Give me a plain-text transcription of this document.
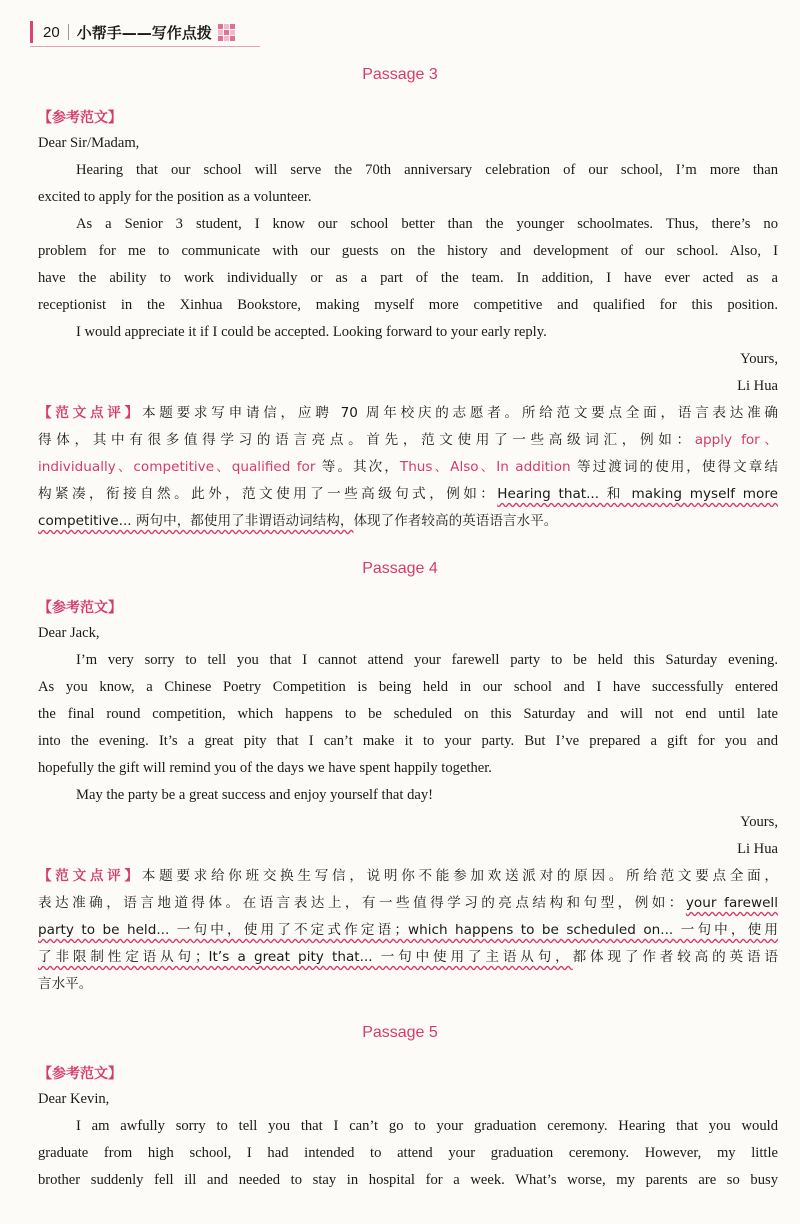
20 小帮手——写作点拨
Passage 3
【参考范文】
Dear Sir/Madam,
Hearing that our school will serve the 70th anniversary celebration of our school, I’m more than
excited to apply for the position as a volunteer.
As a Senior 3 student, I know our school better than the younger schoolmates. Thus, there’s no
problem for me to communicate with our guests on the history and development of our school. Also, I
have the ability to work individually or as a part of the team. In addition, I have ever acted as a
receptionist in the Xinhua Bookstore, making myself more competitive and qualified for this position.
I would appreciate it if I could be accepted. Looking forward to your early reply.
Yours,
Li Hua
【范文点评】本题要求写申请信，应聘 70 周年校庆的志愿者。所给范文要点全面，语言表达准确
得体，其中有很多值得学习的语言亮点。首先，范文使用了一些高级词汇，例如：apply for、
individually、competitive、qualified for 等。其次，Thus、Also、In addition 等过渡词的使用，使得文章结
构紧凑，衔接自然。此外，范文使用了一些高级句式，例如：Hearing that... 和 making myself more
competitive... 两句中，都使用了非谓语动词结构，体现了作者较高的英语语言水平。
Passage 4
【参考范文】
Dear Jack,
I’m very sorry to tell you that I cannot attend your farewell party to be held this Saturday evening.
As you know, a Chinese Poetry Competition is being held in our school and I have successfully entered
the final round competition, which happens to be scheduled on this Saturday and will not end until late
into the evening. It’s a great pity that I can’t make it to your party. But I’ve prepared a gift for you and
hopefully the gift will remind you of the days we have spent happily together.
May the party be a great success and enjoy yourself that day!
Yours,
Li Hua
【范文点评】本题要求给你班交换生写信，说明你不能参加欢送派对的原因。所给范文要点全面，
表达准确，语言地道得体。在语言表达上，有一些值得学习的亮点结构和句型，例如：your farewell
party to be held... 一句中，使用了不定式作定语；which happens to be scheduled on... 一句中，使用
了非限制性定语从句；It’s a great pity that... 一句中使用了主语从句，都体现了作者较高的英语语
言水平。
Passage 5
【参考范文】
Dear Kevin,
I am awfully sorry to tell you that I can’t go to your graduation ceremony. Hearing that you would
graduate from high school, I had intended to attend your graduation ceremony. However, my little
brother suddenly fell ill and needed to stay in hospital for a week. What’s worse, my parents are so busy
